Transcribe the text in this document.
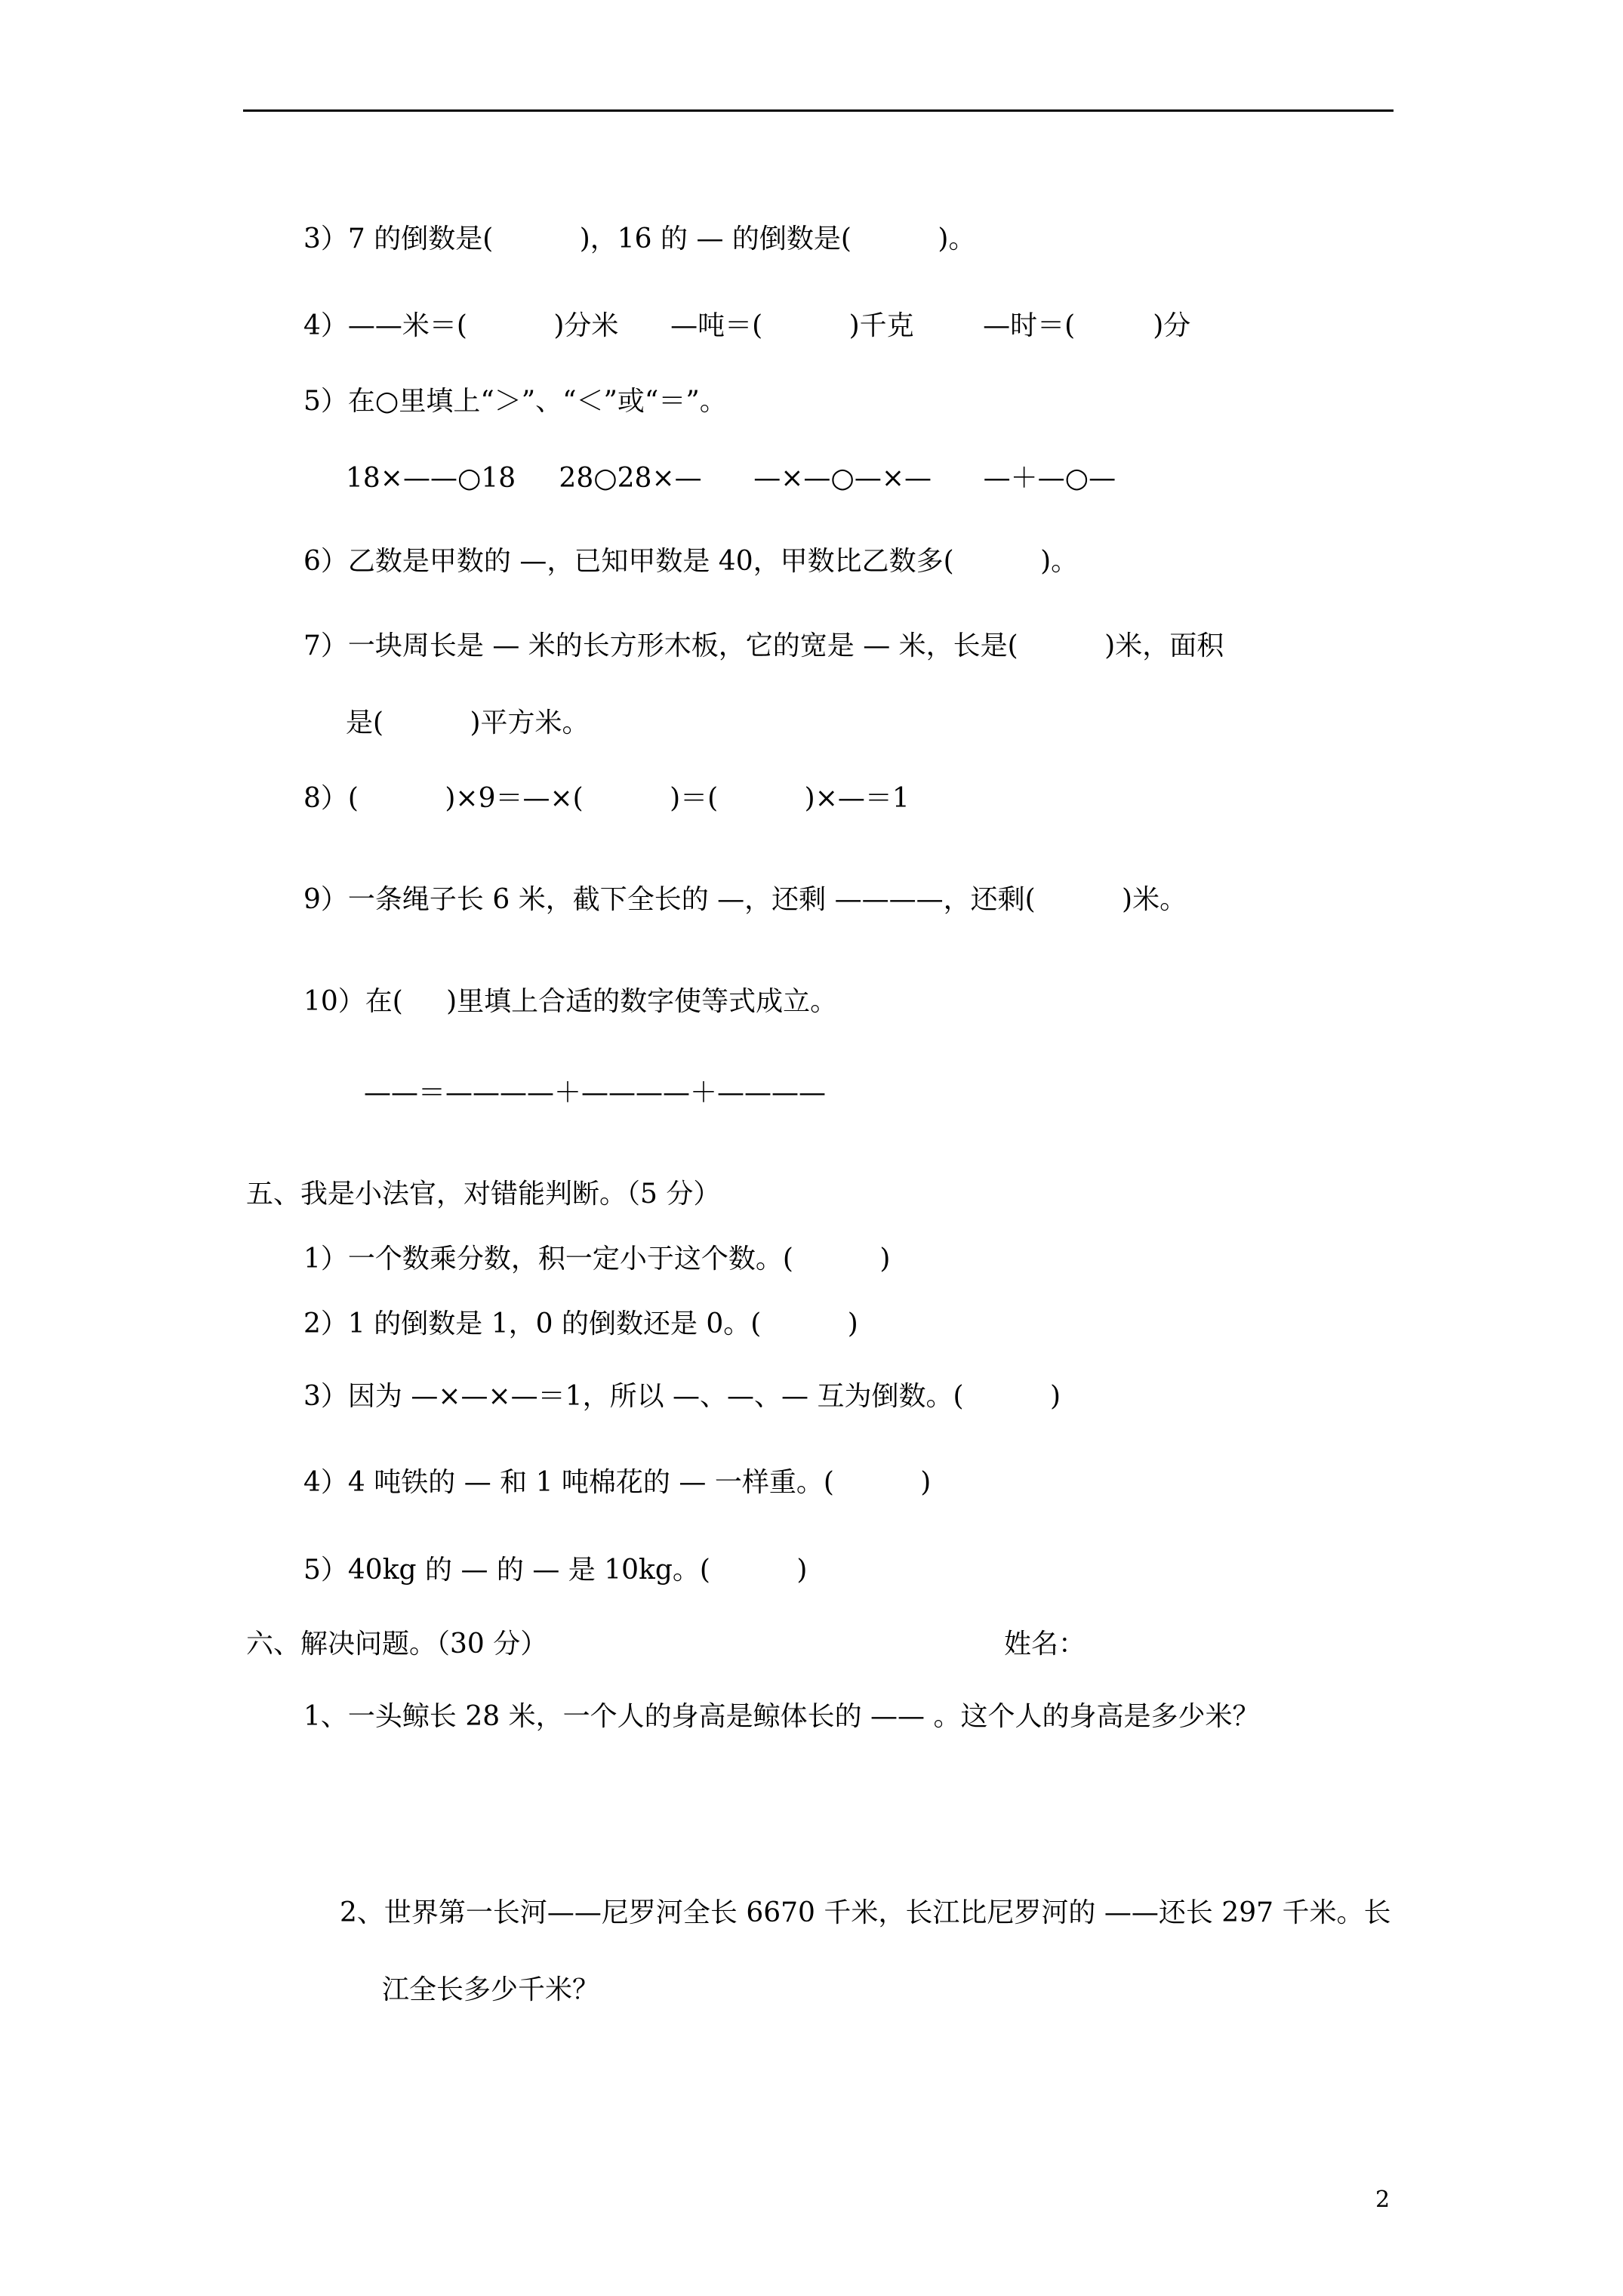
3）7 的倒数是(          )，16 的 — 的倒数是(          )。
4）——米＝(          )分米      —吨＝(          )千克        —时＝(         )分
5）在○里填上“＞”、“＜”或“＝”。
18×——○18     28○28×—      —×—○—×—      —＋—○—
6）乙数是甲数的 —，已知甲数是 40，甲数比乙数多(          )。
7）一块周长是 — 米的长方形木板，它的宽是 — 米，长是(          )米，面积
是(          )平方米。
8）(          )×9＝—×(          )＝(          )×—＝1
9）一条绳子长 6 米，截下全长的 —，还剩 ————，还剩(          )米。
10）在(     )里填上合适的数字使等式成立。
——＝————＋————＋————
五、我是小法官，对错能判断。（5 分）
1）一个数乘分数，积一定小于这个数。(          )
2）1 的倒数是 1，0 的倒数还是 0。(          )
3）因为 —×—×—＝1，所以 —、—、— 互为倒数。(          )
4）4 吨铁的 — 和 1 吨棉花的 — 一样重。(          )
5）40kg 的 — 的 — 是 10kg。(          )
六、解决问题。（30 分）	姓名：
1、一头鲸长 28 米，一个人的身高是鲸体长的 —— 。这个人的身高是多少米？
2、世界第一长河——尼罗河全长 6670 千米，长江比尼罗河的 ——还长 297 千米。长
江全长多少千米？
2
